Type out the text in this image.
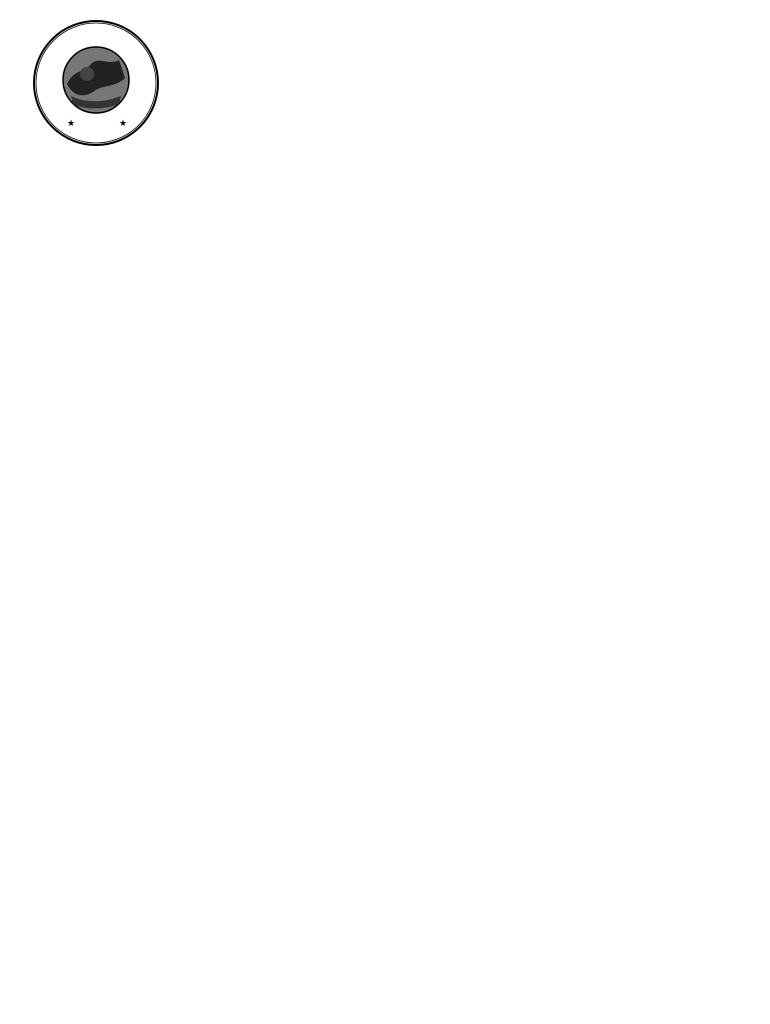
★	★
